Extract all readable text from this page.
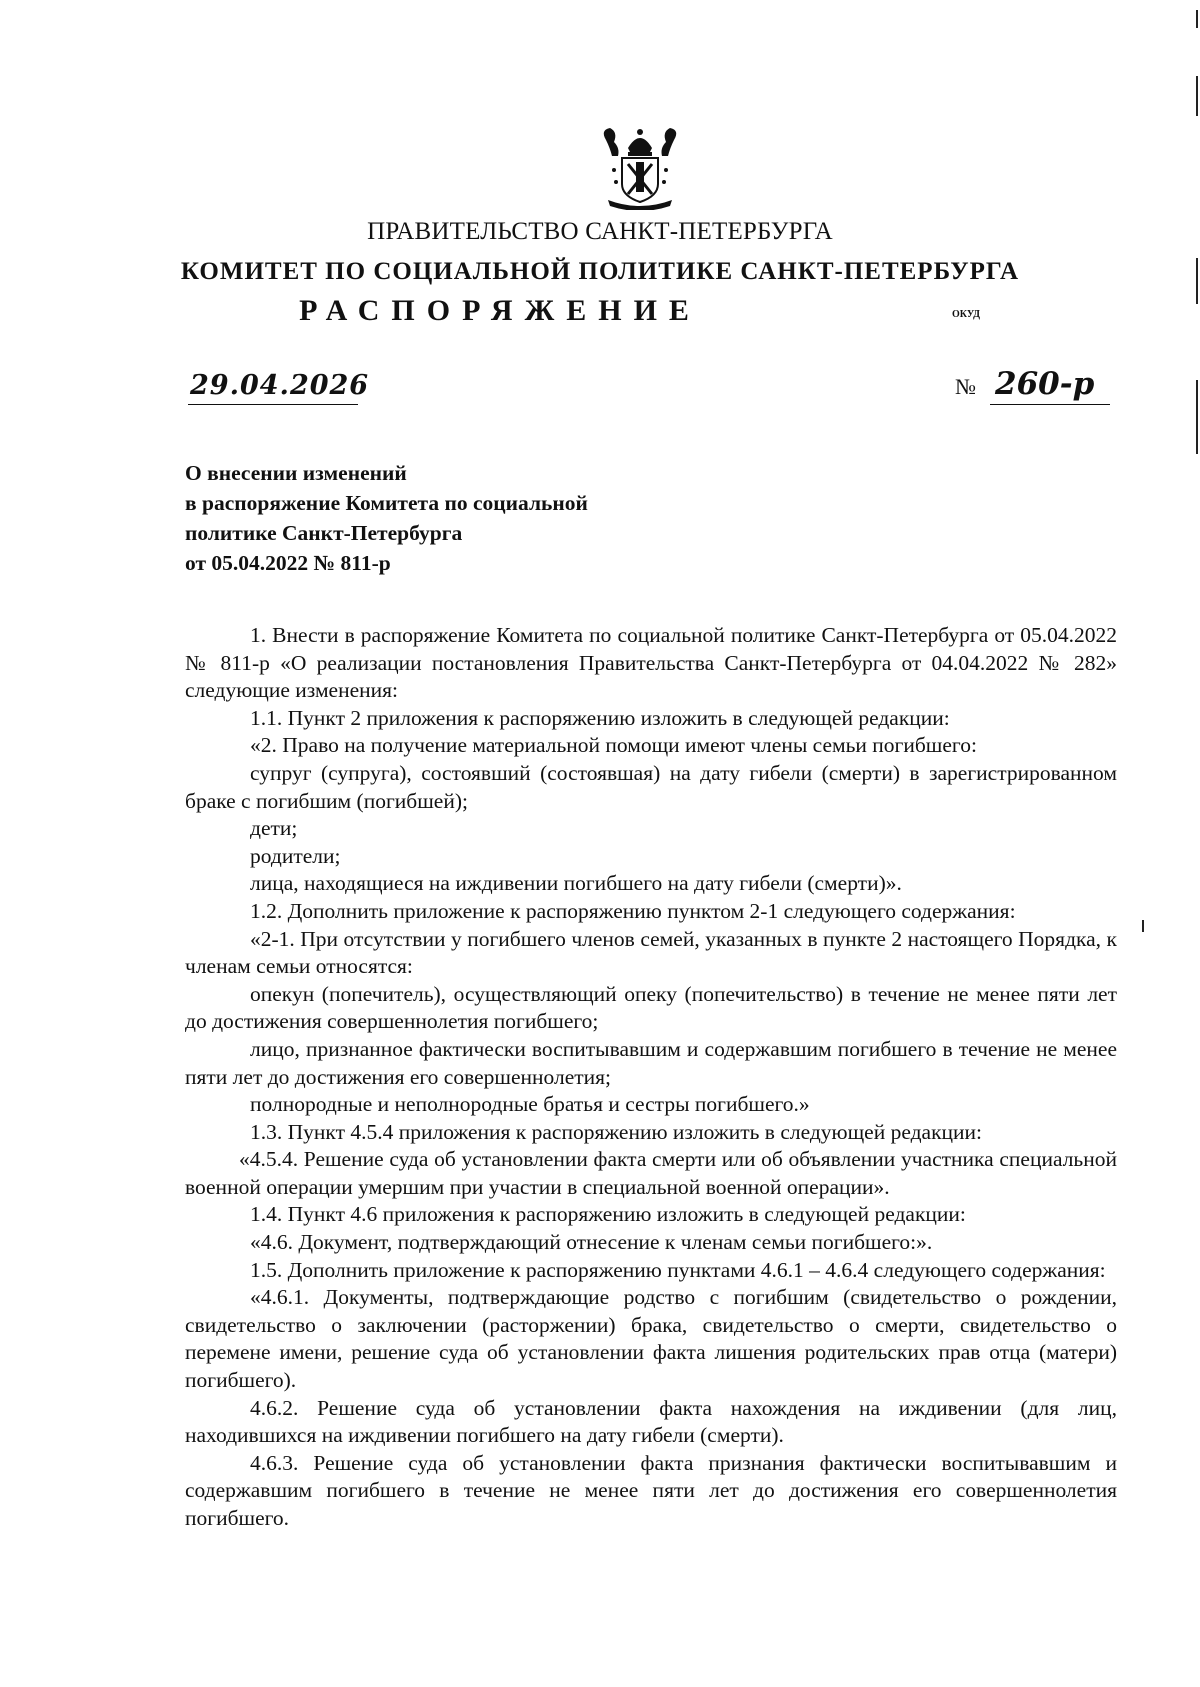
ПРАВИТЕЛЬСТВО САНКТ-ПЕТЕРБУРГА
КОМИТЕТ ПО СОЦИАЛЬНОЙ ПОЛИТИКЕ САНКТ-ПЕТЕРБУРГА
РАСПОРЯЖЕНИЕ	ОКУД
29.04.2026	№ 260-р
О внесении изменений
в распоряжение Комитета по социальной
политике Санкт-Петербурга
от 05.04.2022 № 811-р

1. Внести в распоряжение Комитета по социальной политике Санкт-Петербурга от 05.04.2022 № 811-р «О реализации постановления Правительства Санкт-Петербурга от 04.04.2022 № 282» следующие изменения:

1.1. Пункт 2 приложения к распоряжению изложить в следующей редакции:

«2. Право на получение материальной помощи имеют члены семьи погибшего:

супруг (супруга), состоявший (состоявшая) на дату гибели (смерти) в зарегистрированном браке с погибшим (погибшей);

дети;

родители;

лица, находящиеся на иждивении погибшего на дату гибели (смерти)».

1.2. Дополнить приложение к распоряжению пунктом 2-1 следующего содержания:

«2-1. При отсутствии у погибшего членов семей, указанных в пункте 2 настоящего Порядка, к членам семьи относятся:

опекун (попечитель), осуществляющий опеку (попечительство) в течение не менее пяти лет до достижения совершеннолетия погибшего;

лицо, признанное фактически воспитывавшим и содержавшим погибшего в течение не менее пяти лет до достижения его совершеннолетия;

полнородные и неполнородные братья и сестры погибшего.»

1.3. Пункт 4.5.4 приложения к распоряжению изложить в следующей редакции:

«4.5.4. Решение суда об установлении факта смерти или об объявлении участника специальной военной операции умершим при участии в специальной военной операции».

1.4. Пункт 4.6 приложения к распоряжению изложить в следующей редакции:

«4.6. Документ, подтверждающий отнесение к членам семьи погибшего:».

1.5. Дополнить приложение к распоряжению пунктами 4.6.1 – 4.6.4 следующего содержания:

«4.6.1. Документы, подтверждающие родство с погибшим (свидетельство о рождении, свидетельство о заключении (расторжении) брака, свидетельство о смерти, свидетельство о перемене имени, решение суда об установлении факта лишения родительских прав отца (матери) погибшего).

4.6.2. Решение суда об установлении факта нахождения на иждивении (для лиц, находившихся на иждивении погибшего на дату гибели (смерти).

4.6.3. Решение суда об установлении факта признания фактически воспитывавшим и содержавшим погибшего в течение не менее пяти лет до достижения его совершеннолетия погибшего.
